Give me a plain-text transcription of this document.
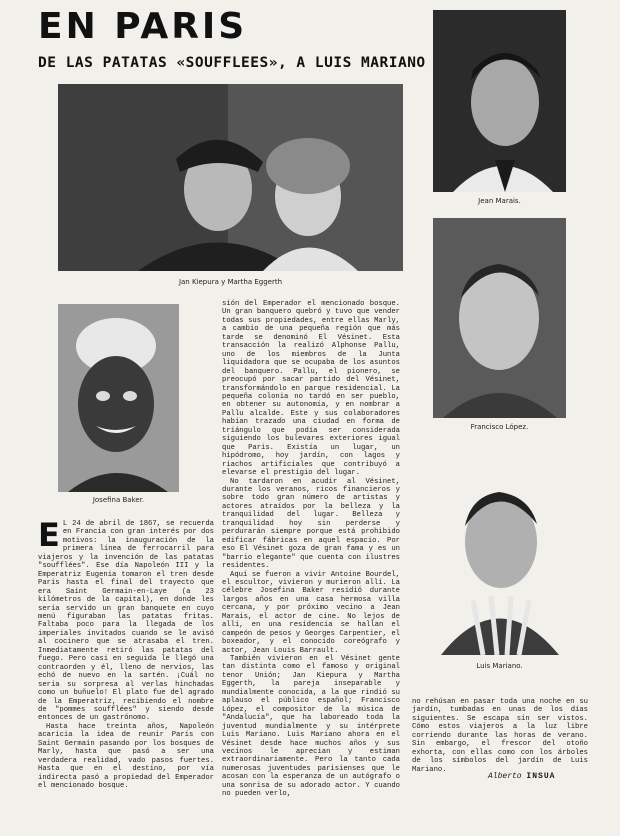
EN PARIS
DE LAS PATATAS «SOUFFLEES», A LUIS MARIANO
Jan Kiepura y Martha Eggerth
Jean Marais.
Josefina Baker.
Francisco López.
Luis Mariano.
E L 24 de abril de 1867, se recuerda en Francia con gran interés por dos motivos: la inauguración de la primera línea de ferrocarril para viajeros y la invención de las patatas "soufflées". Ese día Napoleón III y la Emperatriz Eugenia tomaron el tren desde París hasta el final del trayecto que era Saint Germain-en-Laye (a 23 kilómetros de la capital), en donde les sería servido un gran banquete en cuyo menú figuraban las patatas fritas. Faltaba poco para la llegada de los imperiales invitados cuando se le avisó al cocinero que se atrasaba el tren. Inmediatamente retiró las patatas del fuego. Pero casi en seguida le llegó una contraorden y él, lleno de nervios, las echó de nuevo en la sartén. ¡Cuál no sería su sorpresa al verlas hinchadas como un buñuelo! El plato fue del agrado de la Emperatriz, recibiendo el nombre de "pommes soufflées" y siendo desde entonces de un gastrónomo.

Hasta hace treinta años, Napoleón acaricia la idea de reunir París con Saint Germain pasando por los bosques de Marly, hasta que pasó a ser una verdadera realidad, vado pasos fuertes. Hasta que en el destino, por vía indirecta pasó a propiedad del Emperador el mencionado bosque.

sión del Emperador el mencionado bosque. Un gran banquero quebró y tuvo que vender todas sus propiedades, entre ellas Marly, a cambio de una pequeña región que más tarde se denominó El Vésinet. Esta transacción la realizó Alphonse Pallu, uno de los miembros de la Junta liquidadora que se ocupaba de los asuntos del banquero. Pallu, el pionero, se preocupó por sacar partido del Vésinet, transformándolo en parque residencial. La pequeña colonia no tardó en ser pueblo, en obtener su autonomía, y en nombrar a Pallu alcalde. Este y sus colaboradores habían trazado una ciudad en forma de triángulo que podía ser considerada siguiendo los bulevares exteriores igual que París. Existía un lugar, un hipódromo, hoy jardín, con lagos y riachos artificiales que contribuyó a elevarse el prestigio del lugar.

No tardaron en acudir al Vésinet, durante los veranos, ricos financieros y sobre todo gran número de artistas y actores atraídos por la belleza y la tranquilidad del lugar. Belleza y tranquilidad hoy sin perderse y perdurarán siempre porque está prohibido edificar fábricas en aquel espacio. Por eso El Vésinet goza de gran fama y es un "barrio elegante" que cuenta con ilustres residentes.

Aquí se fueron a vivir Antoine Bourdel, el escultor, vivieron y murieron allí. La célebre Josefina Baker residió durante largos años en una casa hermosa villa cercana, y por próximo vecino a Jean Marais, el actor de cine. No lejos de allí, en una residencia se hallan el campeón de pesos y Georges Carpentier, el boxeador, y el conocido coreógrafo y actor, Jean Louis Barrault.

También vivieron en el Vésinet gente tan distinta como el famoso y original tenor Unión; Jan Kiepura y Martha Eggerth, la pareja inseparable y mundialmente conocida, a la que rindió su aplauso el público español; Francisco López, el compositor de la música de "Andalucía", que ha laboreado toda la juventud mundialmente y su intérprete Luis Mariano. Luis Mariano ahora en el Vésinet desde hace muchos años y sus vecinos le aprecian y estiman extraordinariamente. Pero la tanto cada numerosas juventudes parisienses que le acosan con la esperanza de un autógrafo o una sonrisa de su adorado actor. Y cuando no pueden verlo,

no rehúsan en pasar toda una noche en su jardín, tumbadas en unas de los días siguientes. Se escapa sin ser vistos. Cómo estos viajeros a la luz libre corriendo durante las horas de verano. Sin embargo, el frescor del otoño exhorta, con ellas como con los árboles de los símbolos del jardín de Luis Mariano.

Alberto INSUA
